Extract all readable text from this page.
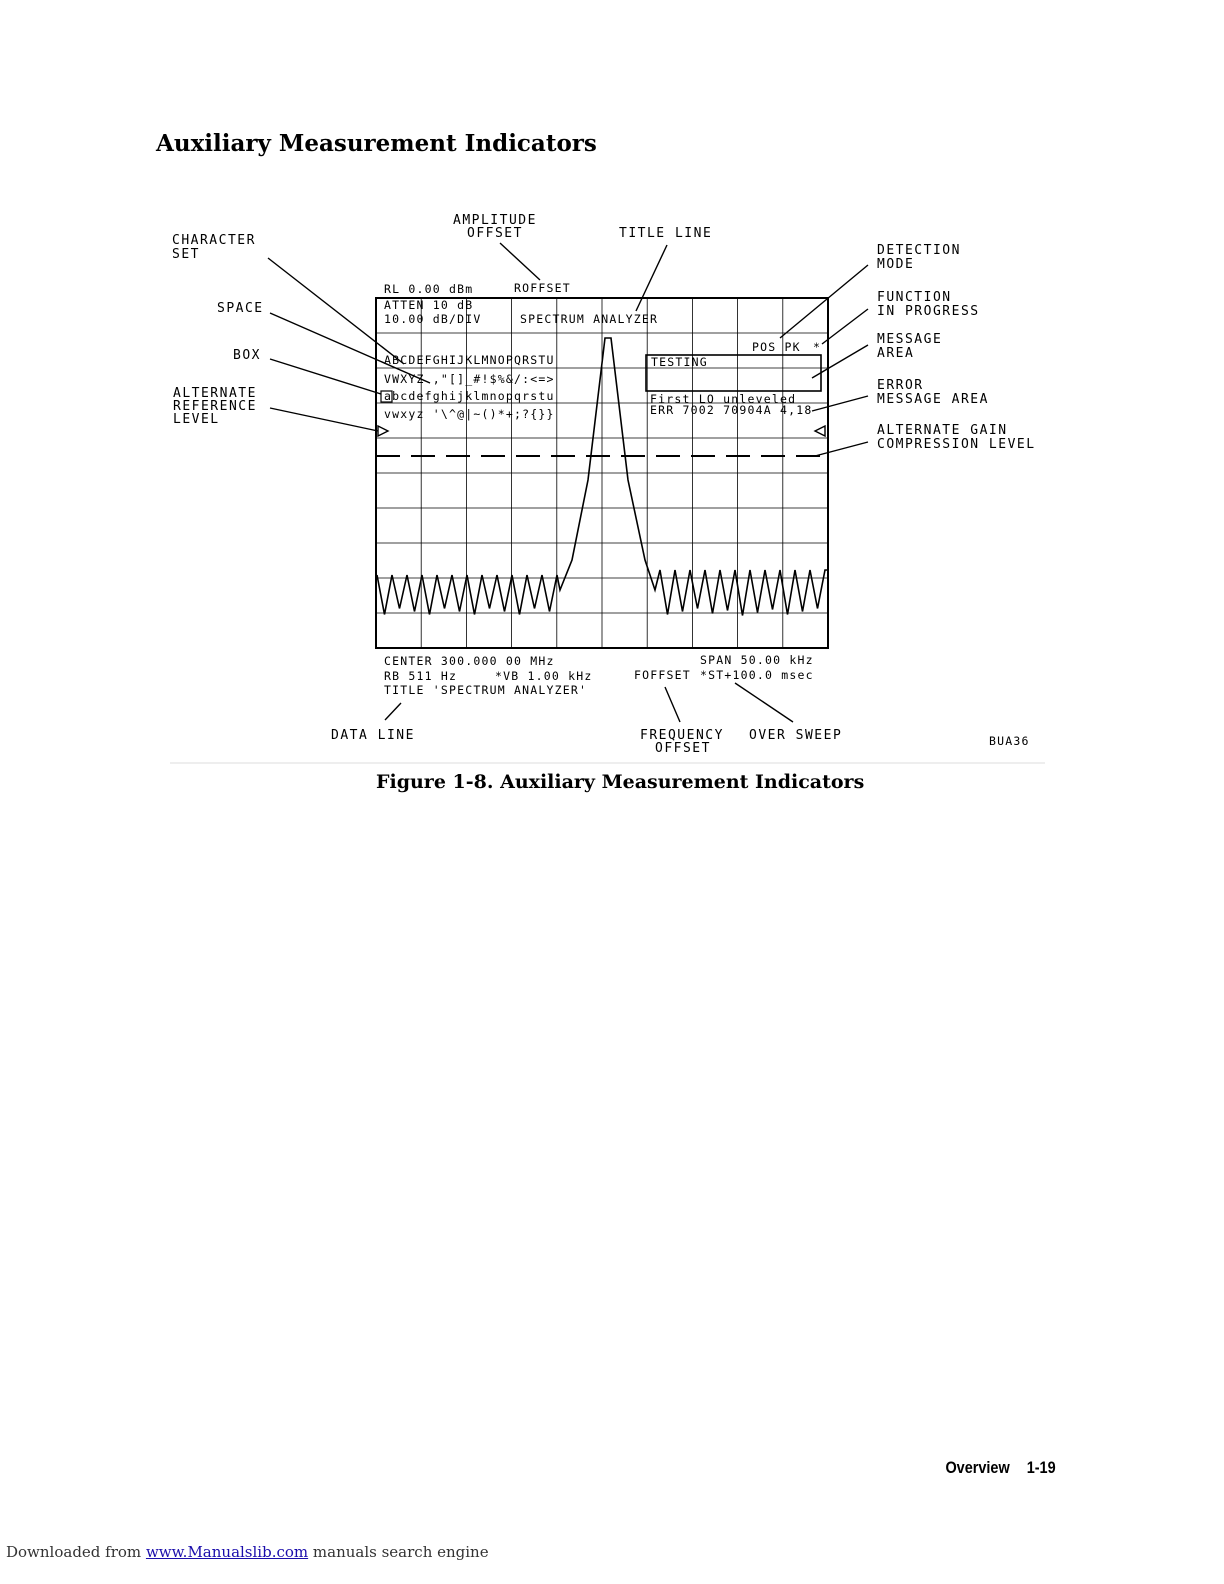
Auxiliary Measurement Indicators
RL 0.00 dBm	ROFFSET
ATTEN 10 dB
10.00 dB/DIV	SPECTRUM ANALYZER
POS PK *
ABCDEFGHIJKLMNOPQRSTU
VWXYZ ,"[]_#!$%&/:<=>
abcdefghijklmnopqrstu
vwxyz '\^@|~()*+;?{}}
TESTING
First LO unleveled
ERR 7002 70904A 4,18
CENTER 300.000 00 MHz	SPAN 50.00 kHz
RB 511 Hz	*VB 1.00 kHz	FOFFSET *ST+100.0 msec
TITLE 'SPECTRUM ANALYZER'
CHARACTER
SET
AMPLITUDE
OFFSET	TITLE LINE
DETECTION
MODE
FUNCTION
IN PROGRESS
SPACE
BOX
MESSAGE
AREA
ALTERNATE
REFERENCE
LEVEL
ERROR
MESSAGE AREA
ALTERNATE GAIN
COMPRESSION LEVEL
DATA LINE	FREQUENCY
OFFSET
OVER SWEEP	BUA36
Figure 1-8. Auxiliary Measurement Indicators
Overview 1-19
Downloaded from www.Manualslib.com manuals search engine
